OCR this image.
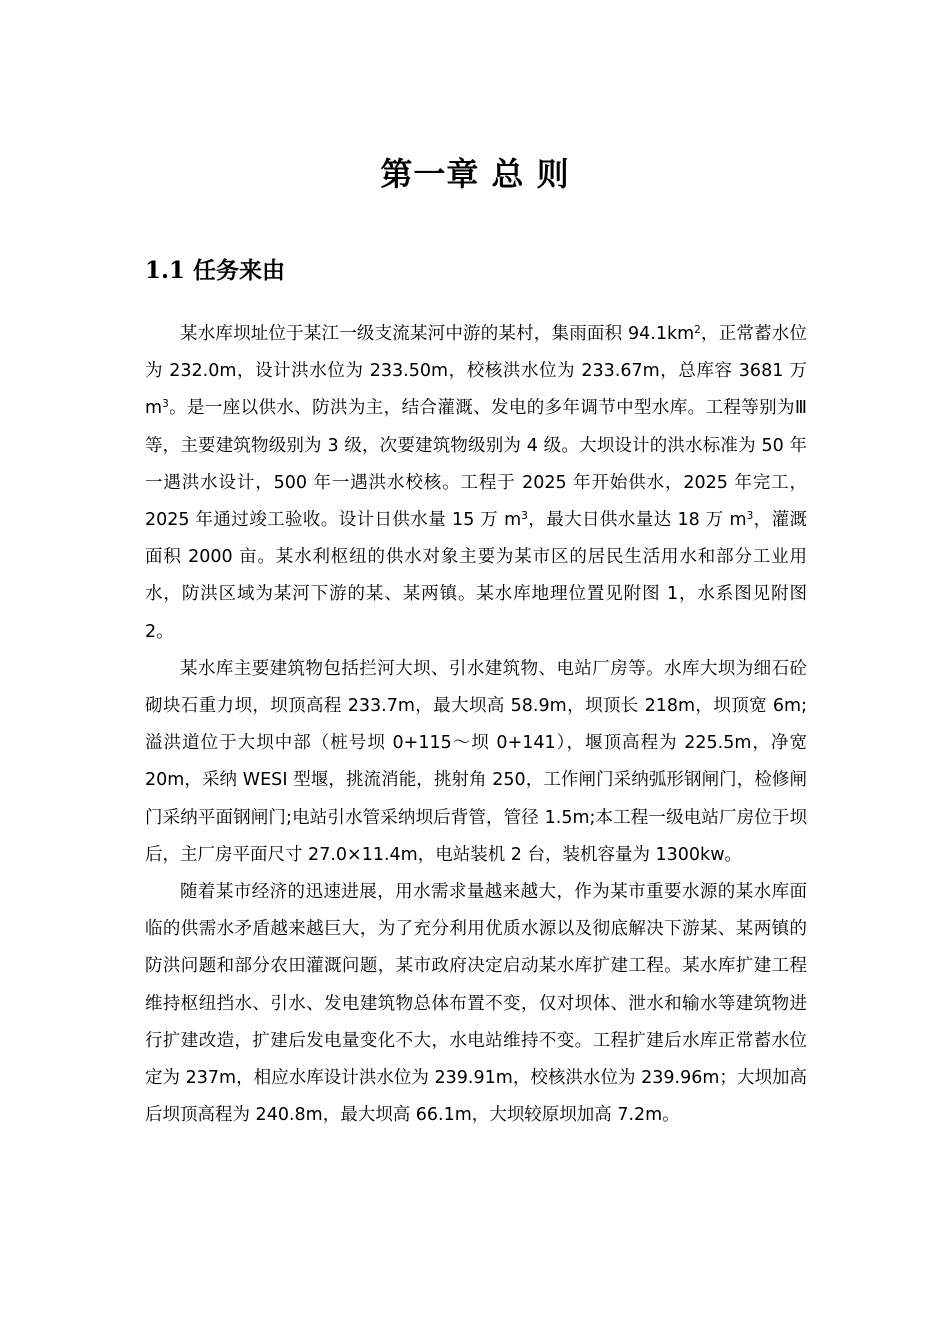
第一章 总 则
1.1 任务来由

某水库坝址位于某江一级支流某河中游的某村，集雨面积 $94.1km^2$，正常蓄水位为 232.0m，设计洪水位为 233.50m，校核洪水位为 233.67m，总库容 3681 万 $m^3$。是一座以供水、防洪为主，结合灌溉、发电的多年调节中型水库。工程等别为Ⅲ等，主要建筑物级别为 3 级，次要建筑物级别为 4 级。大坝设计的洪水标准为 50 年一遇洪水设计，500 年一遇洪水校核。工程于 2025 年开始供水，2025 年完工，2025 年通过竣工验收。设计日供水量 15 万 $m^3$，最大日供水量达 18 万 $m^3$，灌溉面积 2000 亩。某水利枢纽的供水对象主要为某市区的居民生活用水和部分工业用水，防洪区域为某河下游的某、某两镇。某水库地理位置见附图 1，水系图见附图 2。

某水库主要建筑物包括拦河大坝、引水建筑物、电站厂房等。水库大坝为细石砼砌块石重力坝，坝顶高程 233.7m，最大坝高 58.9m，坝顶长 218m，坝顶宽 6m;溢洪道位于大坝中部（桩号坝 0+115～坝 0+141），堰顶高程为 225.5m，净宽 20m，采纳 WESⅠ 型堰，挑流消能，挑射角 250，工作闸门采纳弧形钢闸门，检修闸门采纳平面钢闸门;电站引水管采纳坝后背管，管径 1.5m;本工程一级电站厂房位于坝后，主厂房平面尺寸 27.0×11.4m，电站装机 2 台，装机容量为 1300kw。

随着某市经济的迅速进展，用水需求量越来越大，作为某市重要水源的某水库面临的供需水矛盾越来越巨大，为了充分利用优质水源以及彻底解决下游某、某两镇的防洪问题和部分农田灌溉问题，某市政府决定启动某水库扩建工程。某水库扩建工程维持枢纽挡水、引水、发电建筑物总体布置不变，仅对坝体、泄水和输水等建筑物进行扩建改造，扩建后发电量变化不大，水电站维持不变。工程扩建后水库正常蓄水位定为 237m，相应水库设计洪水位为 239.91m，校核洪水位为 239.96m；大坝加高后坝顶高程为 240.8m，最大坝高 66.1m，大坝较原坝加高 7.2m。
